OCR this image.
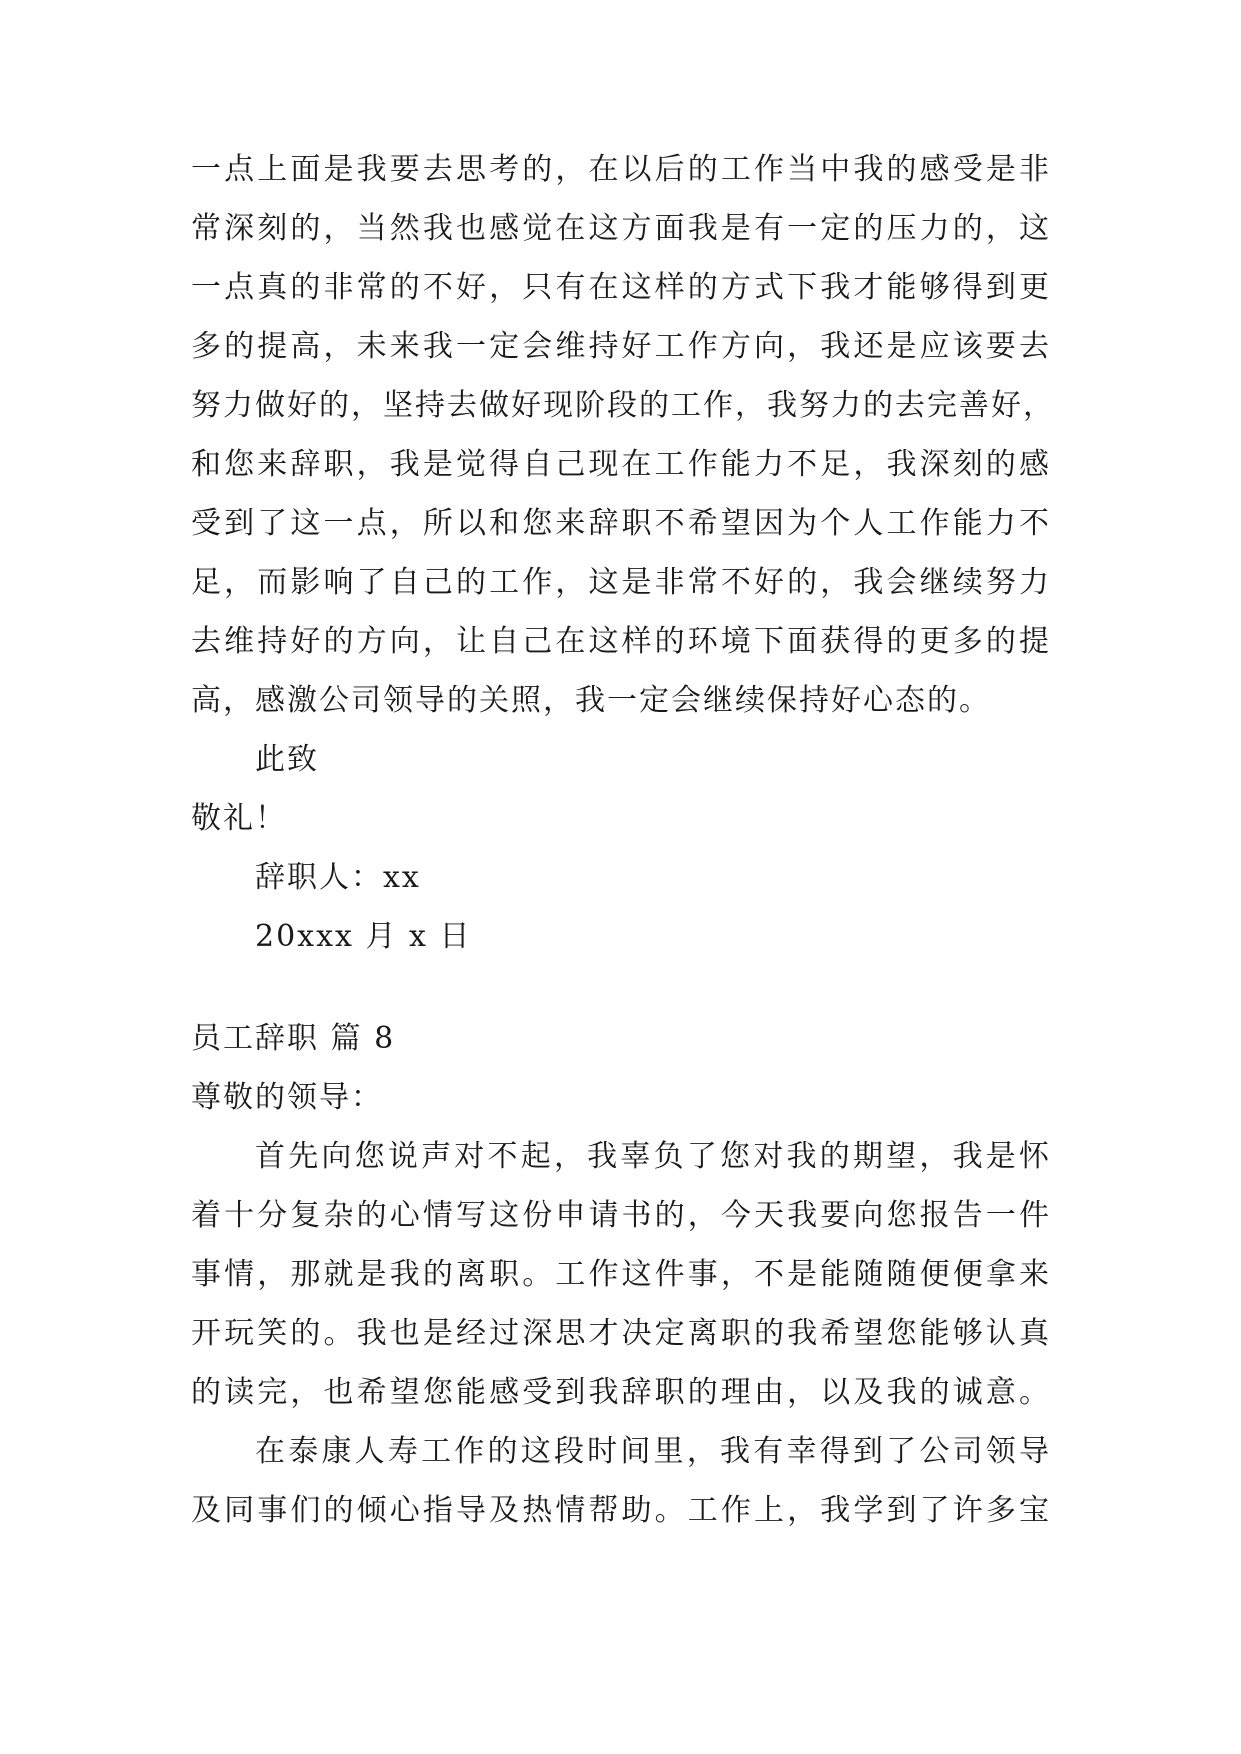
一点上面是我要去思考的，在以后的工作当中我的感受是非
常深刻的，当然我也感觉在这方面我是有一定的压力的，这
一点真的非常的不好，只有在这样的方式下我才能够得到更
多的提高，未来我一定会维持好工作方向，我还是应该要去
努力做好的，坚持去做好现阶段的工作，我努力的去完善好，
和您来辞职，我是觉得自己现在工作能力不足，我深刻的感
受到了这一点，所以和您来辞职不希望因为个人工作能力不
足，而影响了自己的工作，这是非常不好的，我会继续努力
去维持好的方向，让自己在这样的环境下面获得的更多的提
高，感激公司领导的关照，我一定会继续保持好心态的。
此致
敬礼！
辞职人：xx
20xxx 月 x 日
员工辞职 篇 8
尊敬的领导：
首先向您说声对不起，我辜负了您对我的期望，我是怀
着十分复杂的心情写这份申请书的，今天我要向您报告一件
事情，那就是我的离职。工作这件事，不是能随随便便拿来
开玩笑的。我也是经过深思才决定离职的我希望您能够认真
的读完，也希望您能感受到我辞职的理由，以及我的诚意。
在泰康人寿工作的这段时间里，我有幸得到了公司领导
及同事们的倾心指导及热情帮助。工作上，我学到了许多宝
